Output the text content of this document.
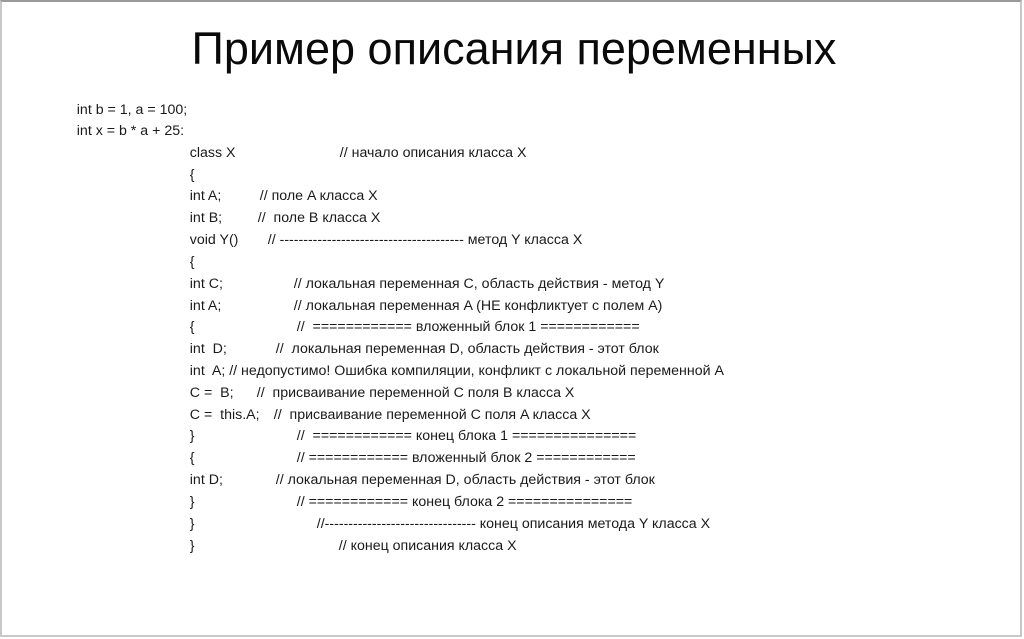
Пример описания переменных

int b = 1, a = 100;

int x = b * a + 25:

class X
	// начало описания класса X

{

int A;
	// поле A класса X

int B;
	//  поле B класса X

void Y()
	// --------------------------------------- метод Y класса X

{

int C;
	// локальная переменная C, область действия - метод Y

int A;
	// локальная переменная A (НЕ конфликтует с полем A)

{
	//  ============ вложенный блок 1 ============

int  D;
	//  локальная переменная D, область действия - этот блок

int  A; // недопустимо! Ошибка компиляции, конфликт с локальной переменной A

C =  B;
	//  присваивание переменной C поля B класса X

C =  this.A;
	//  присваивание переменной C поля A класса X

}
	//  ============ конец блока 1 ===============

{
	// ============ вложенный блок 2 ============

int D;
	// локальная переменная D, область действия - этот блок

}
	// ============ конец блока 2 ===============

}
	//-------------------------------- конец описания метода Y класса X

}
	// конец описания класса X
